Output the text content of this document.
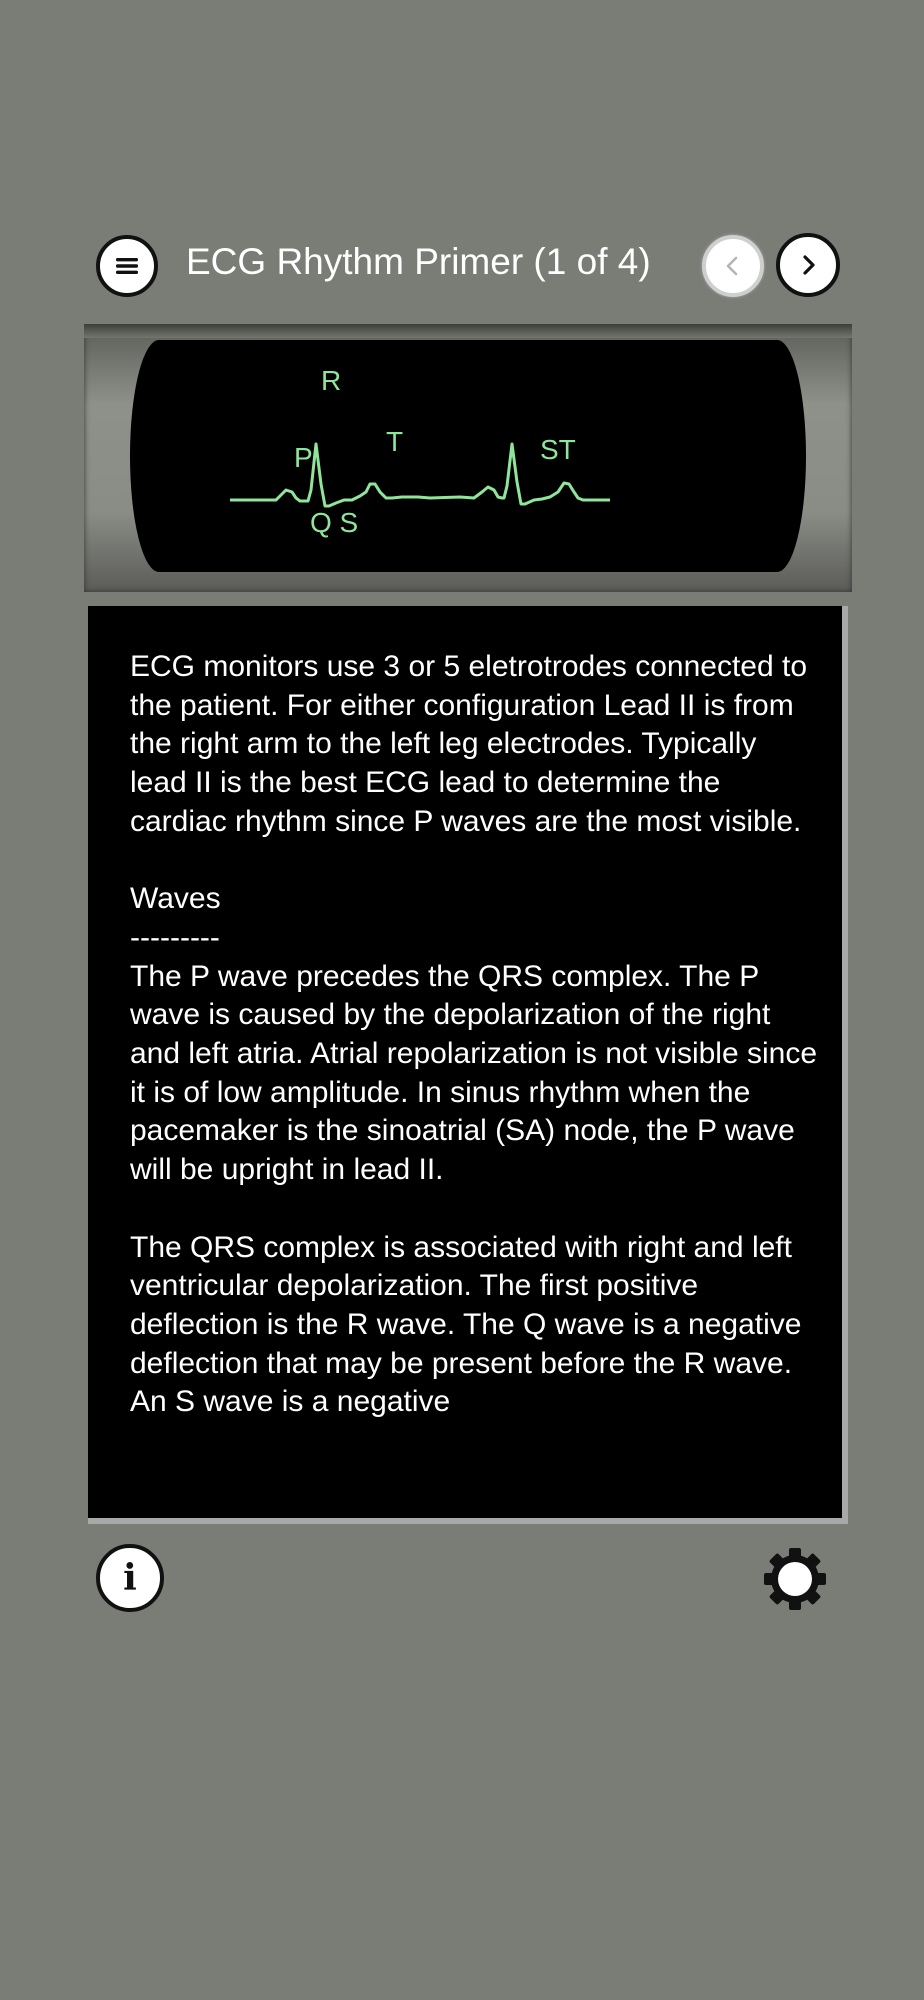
ECG Rhythm Primer (1 of 4)
R
P
T
Q S
ST
ECG monitors use 3 or 5 eletrotrodes connected to the patient. For either configuration Lead II is from the right arm to the left leg electrodes. Typically lead II is the best ECG lead to determine the cardiac rhythm since P waves are the most visible.

Waves
---------
The P wave precedes the QRS complex. The P wave is caused by the depolarization of the right and left atria. Atrial repolarization is not visible since it is of low amplitude. In sinus rhythm when the pacemaker is the sinoatrial (SA) node, the P wave will be upright in lead II.

The QRS complex is associated with right and left ventricular depolarization. The first positive deflection is the R wave. The Q wave is a negative deflection that may be present before the R wave. An S wave is a negative
i
